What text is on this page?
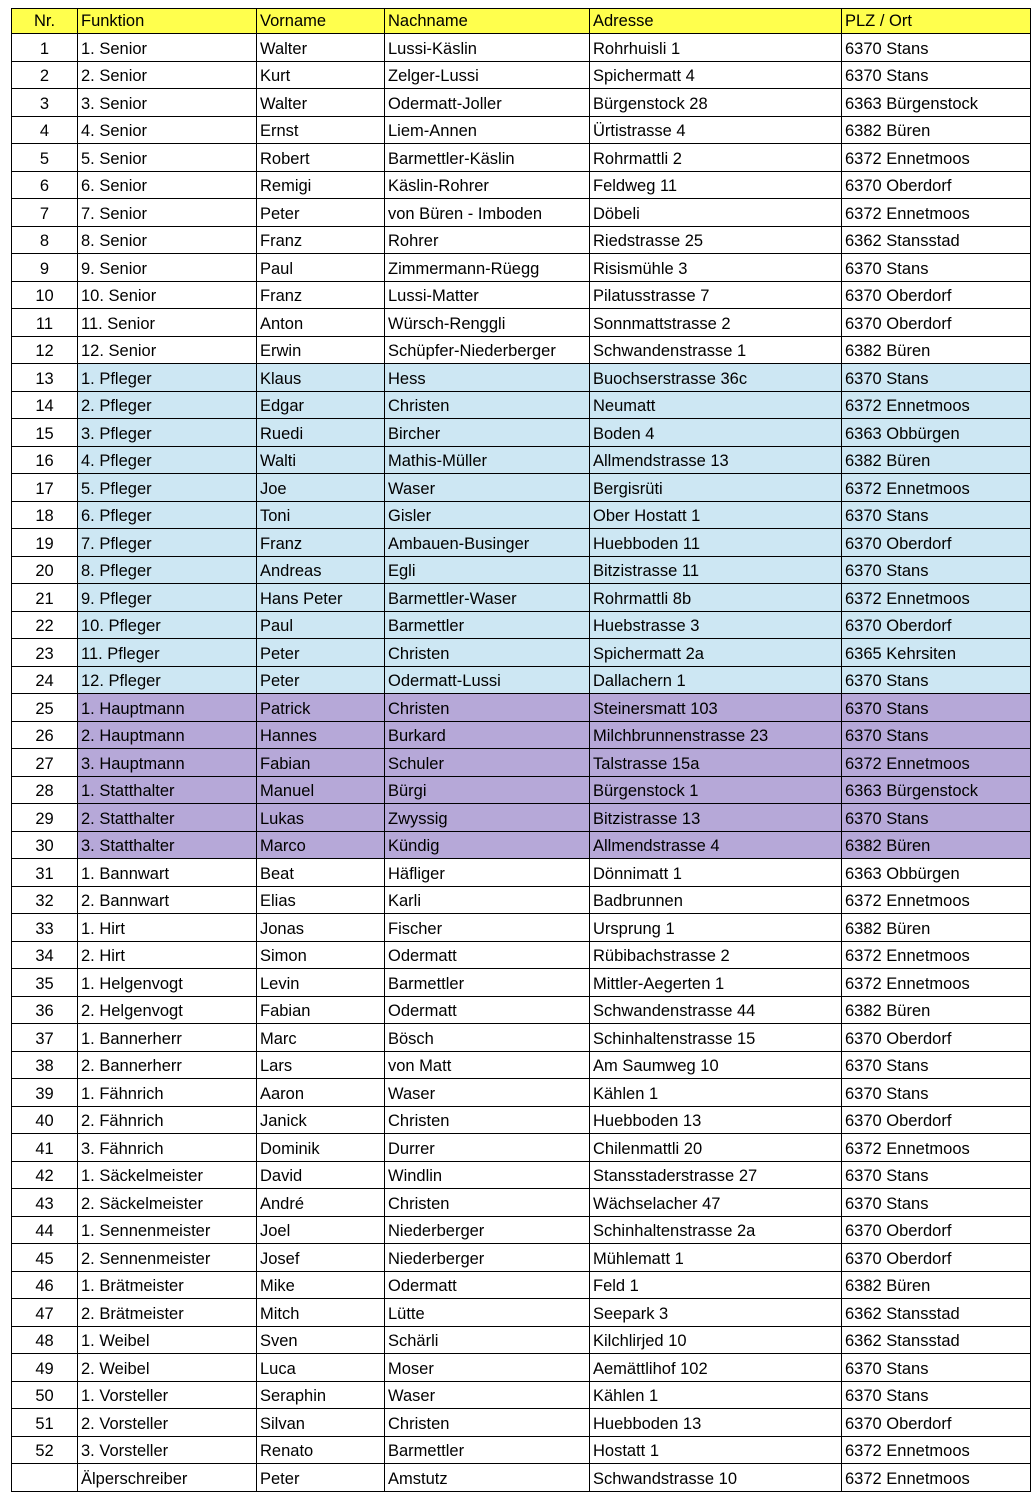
Nr.	Funktion	Vorname	Nachname	Adresse	PLZ / Ort
1	1. Senior	Walter	Lussi-Käslin	Rohrhuisli 1	6370 Stans
2	2. Senior	Kurt	Zelger-Lussi	Spichermatt 4	6370 Stans
3	3. Senior	Walter	Odermatt-Joller	Bürgenstock 28	6363 Bürgenstock
4	4. Senior	Ernst	Liem-Annen	Ürtistrasse 4	6382 Büren
5	5. Senior	Robert	Barmettler-Käslin	Rohrmattli 2	6372 Ennetmoos
6	6. Senior	Remigi	Käslin-Rohrer	Feldweg 11	6370 Oberdorf
7	7. Senior	Peter	von Büren - Imboden	Döbeli	6372 Ennetmoos
8	8. Senior	Franz	Rohrer	Riedstrasse 25	6362 Stansstad
9	9. Senior	Paul	Zimmermann-Rüegg	Risismühle 3	6370 Stans
10	10. Senior	Franz	Lussi-Matter	Pilatusstrasse 7	6370 Oberdorf
11	11. Senior	Anton	Würsch-Renggli	Sonnmattstrasse 2	6370 Oberdorf
12	12. Senior	Erwin	Schüpfer-Niederberger	Schwandenstrasse 1	6382 Büren
13	1. Pfleger	Klaus	Hess	Buochserstrasse 36c	6370 Stans
14	2. Pfleger	Edgar	Christen	Neumatt	6372 Ennetmoos
15	3. Pfleger	Ruedi	Bircher	Boden 4	6363 Obbürgen
16	4. Pfleger	Walti	Mathis-Müller	Allmendstrasse 13	6382 Büren
17	5. Pfleger	Joe	Waser	Bergisrüti	6372 Ennetmoos
18	6. Pfleger	Toni	Gisler	Ober Hostatt 1	6370 Stans
19	7. Pfleger	Franz	Ambauen-Businger	Huebboden 11	6370 Oberdorf
20	8. Pfleger	Andreas	Egli	Bitzistrasse 11	6370 Stans
21	9. Pfleger	Hans Peter	Barmettler-Waser	Rohrmattli 8b	6372 Ennetmoos
22	10. Pfleger	Paul	Barmettler	Huebstrasse 3	6370 Oberdorf
23	11. Pfleger	Peter	Christen	Spichermatt 2a	6365 Kehrsiten
24	12. Pfleger	Peter	Odermatt-Lussi	Dallachern 1	6370 Stans
25	1. Hauptmann	Patrick	Christen	Steinersmatt 103	6370 Stans
26	2. Hauptmann	Hannes	Burkard	Milchbrunnenstrasse 23	6370 Stans
27	3. Hauptmann	Fabian	Schuler	Talstrasse 15a	6372 Ennetmoos
28	1. Statthalter	Manuel	Bürgi	Bürgenstock 1	6363 Bürgenstock
29	2. Statthalter	Lukas	Zwyssig	Bitzistrasse 13	6370 Stans
30	3. Statthalter	Marco	Kündig	Allmendstrasse 4	6382 Büren
31	1. Bannwart	Beat	Häfliger	Dönnimatt 1	6363 Obbürgen
32	2. Bannwart	Elias	Karli	Badbrunnen	6372 Ennetmoos
33	1. Hirt	Jonas	Fischer	Ursprung 1	6382 Büren
34	2. Hirt	Simon	Odermatt	Rübibachstrasse 2	6372 Ennetmoos
35	1. Helgenvogt	Levin	Barmettler	Mittler-Aegerten 1	6372 Ennetmoos
36	2. Helgenvogt	Fabian	Odermatt	Schwandenstrasse 44	6382 Büren
37	1. Bannerherr	Marc	Bösch	Schinhaltenstrasse 15	6370 Oberdorf
38	2. Bannerherr	Lars	von Matt	Am Saumweg 10	6370 Stans
39	1. Fähnrich	Aaron	Waser	Kählen 1	6370 Stans
40	2. Fähnrich	Janick	Christen	Huebboden 13	6370 Oberdorf
41	3. Fähnrich	Dominik	Durrer	Chilenmattli 20	6372 Ennetmoos
42	1. Säckelmeister	David	Windlin	Stansstaderstrasse 27	6370 Stans
43	2. Säckelmeister	André	Christen	Wächselacher 47	6370 Stans
44	1. Sennenmeister	Joel	Niederberger	Schinhaltenstrasse 2a	6370 Oberdorf
45	2. Sennenmeister	Josef	Niederberger	Mühlematt 1	6370 Oberdorf
46	1. Brätmeister	Mike	Odermatt	Feld 1	6382 Büren
47	2. Brätmeister	Mitch	Lütte	Seepark 3	6362 Stansstad
48	1. Weibel	Sven	Schärli	Kilchlirjed 10	6362 Stansstad
49	2. Weibel	Luca	Moser	Aemättlihof 102	6370 Stans
50	1. Vorsteller	Seraphin	Waser	Kählen 1	6370 Stans
51	2. Vorsteller	Silvan	Christen	Huebboden 13	6370 Oberdorf
52	3. Vorsteller	Renato	Barmettler	Hostatt 1	6372 Ennetmoos
	Älperschreiber	Peter	Amstutz	Schwandstrasse 10	6372 Ennetmoos
